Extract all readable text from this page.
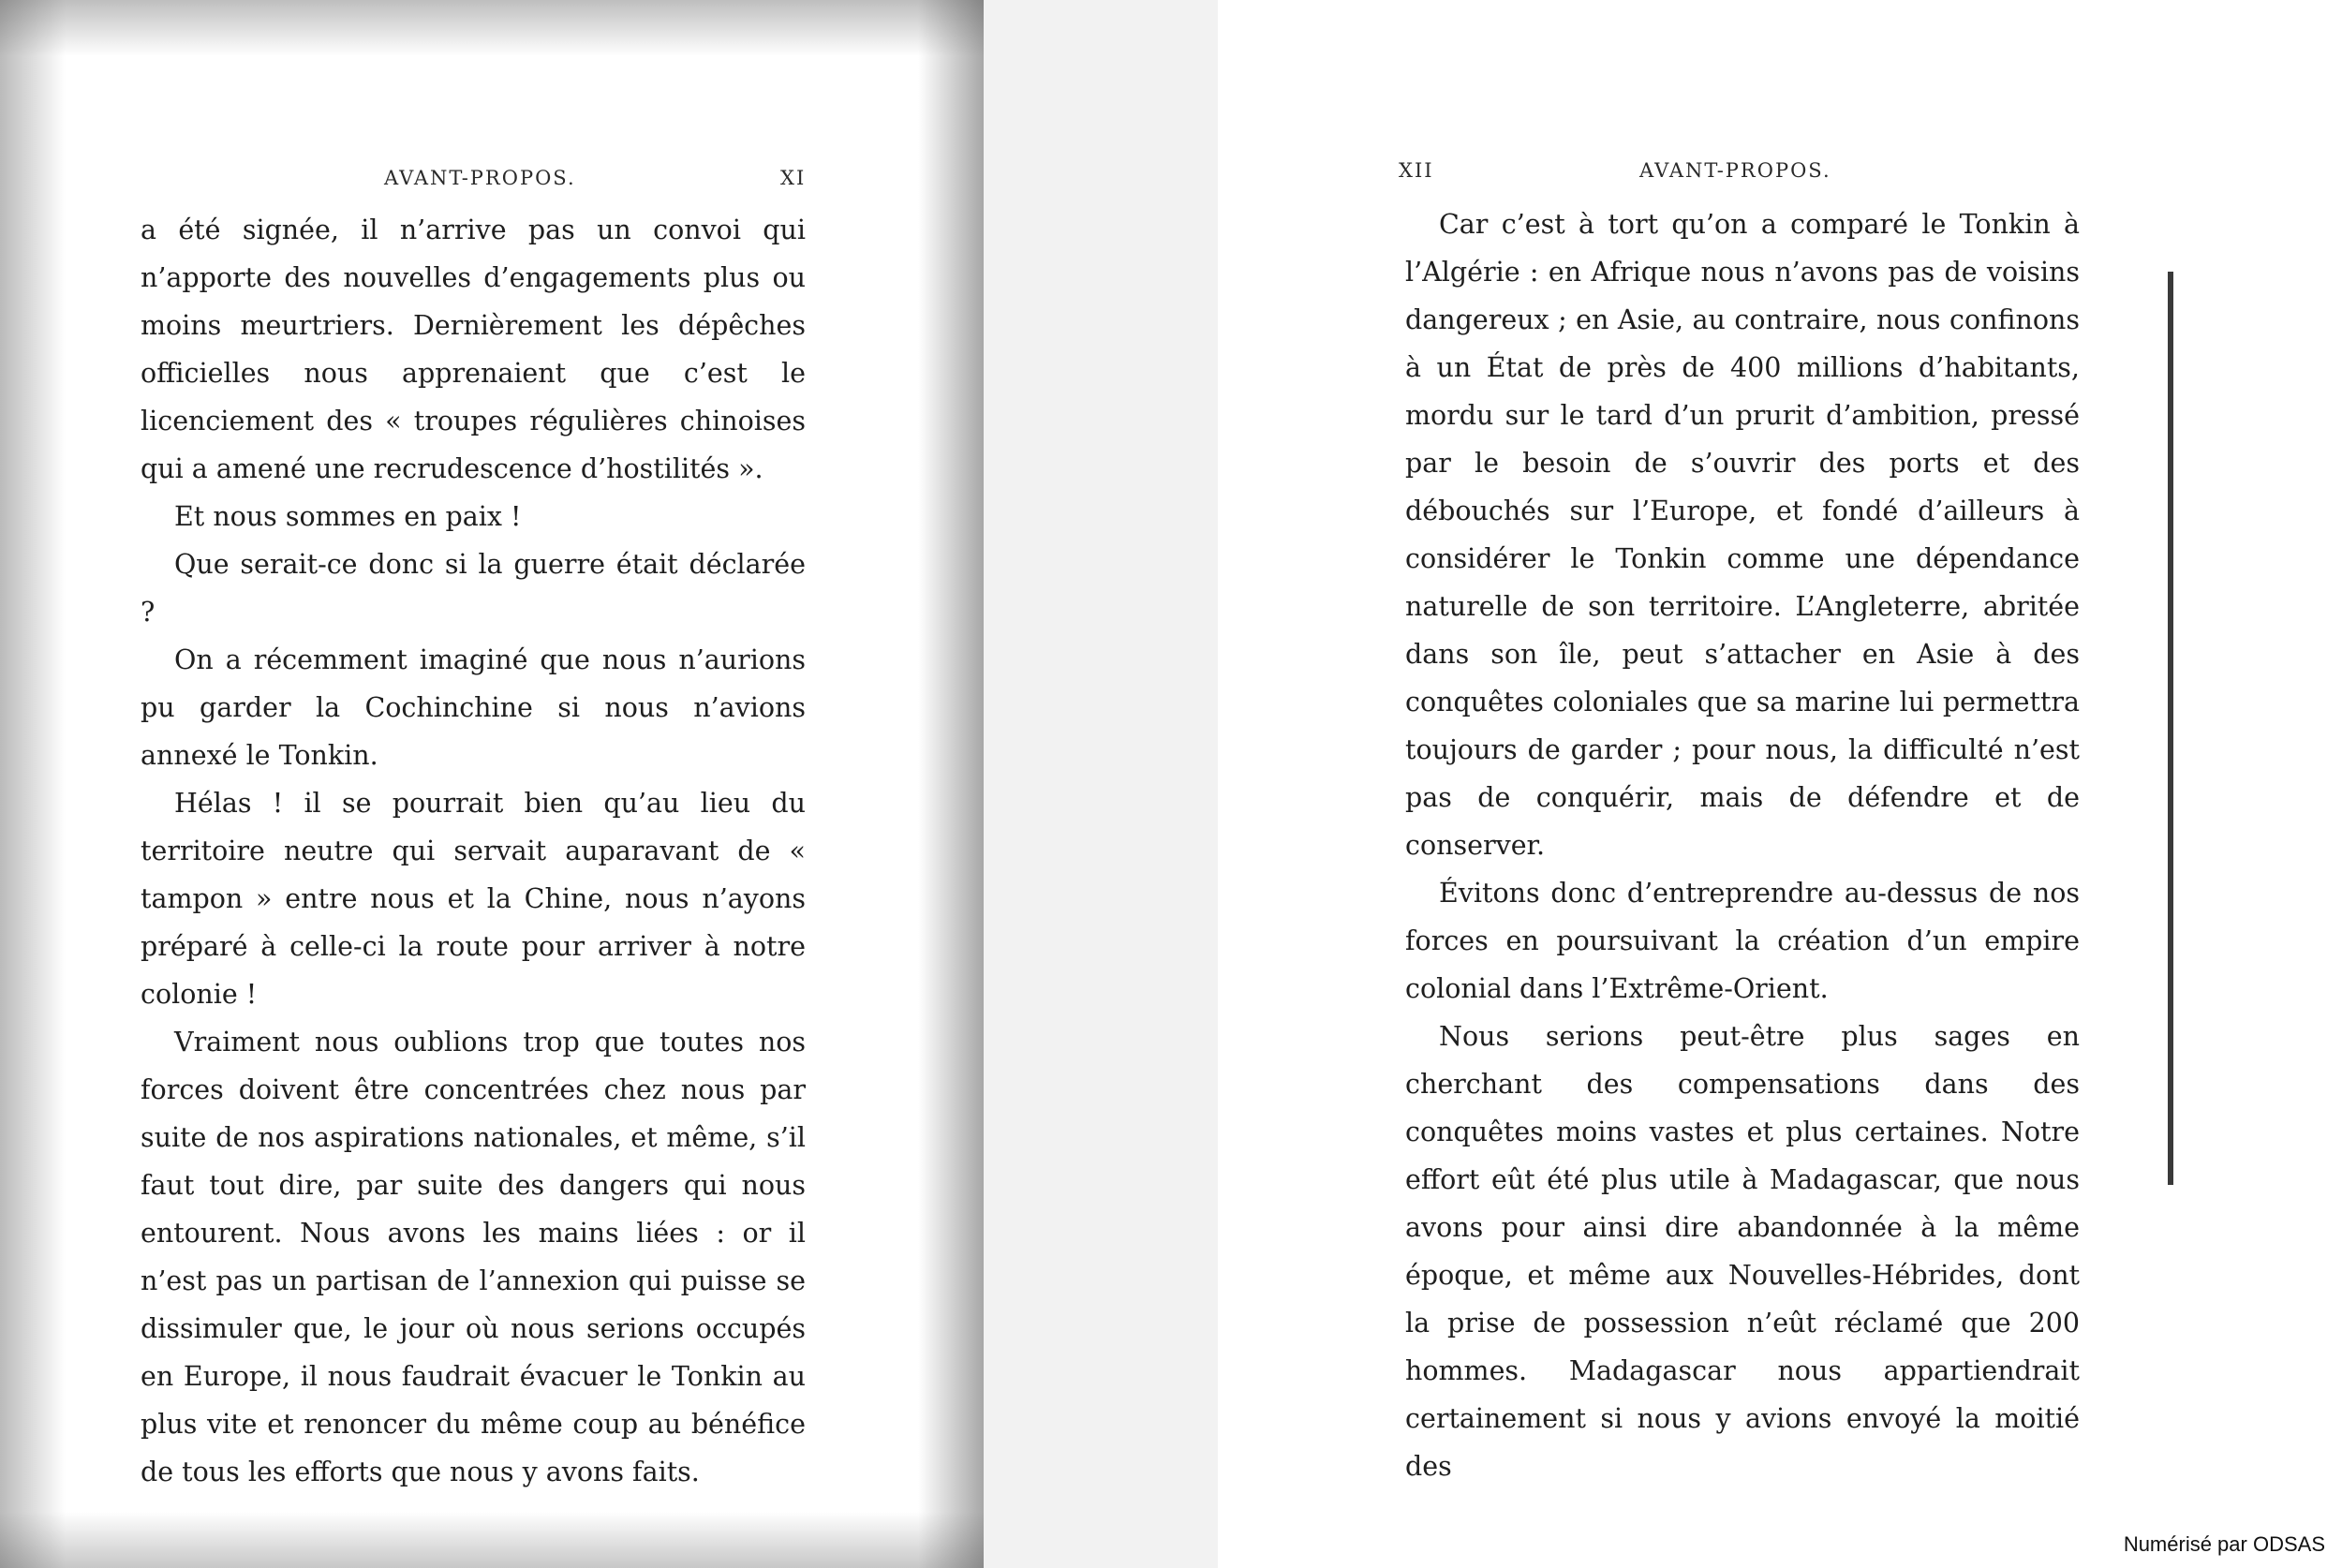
AVANT-PROPOS.	XI

a été signée, il n’arrive pas un convoi qui n’apporte des nouvelles d’engagements plus ou moins meurtriers. Dernièrement les dépêches officielles nous apprenaient que c’est le licenciement des « troupes régulières chinoises qui a amené une recrudescence d’hostilités ».

Et nous sommes en paix !

Que serait-ce donc si la guerre était déclarée ?

On a récemment imaginé que nous n’aurions pu garder la Cochinchine si nous n’avions annexé le Tonkin.

Hélas ! il se pourrait bien qu’au lieu du territoire neutre qui servait auparavant de « tampon » entre nous et la Chine, nous n’ayons préparé à celle-ci la route pour arriver à notre colonie !

Vraiment nous oublions trop que toutes nos forces doivent être concentrées chez nous par suite de nos aspirations nationales, et même, s’il faut tout dire, par suite des dangers qui nous entourent. Nous avons les mains liées : or il n’est pas un partisan de l’annexion qui puisse se dissimuler que, le jour où nous serions occupés en Europe, il nous faudrait évacuer le Tonkin au plus vite et renoncer du même coup au bénéfice de tous les efforts que nous y avons faits.

XII	AVANT-PROPOS.

Car c’est à tort qu’on a comparé le Tonkin à l’Algérie : en Afrique nous n’avons pas de voisins dangereux ; en Asie, au contraire, nous confinons à un État de près de 400 millions d’habitants, mordu sur le tard d’un prurit d’ambition, pressé par le besoin de s’ouvrir des ports et des débouchés sur l’Europe, et fondé d’ailleurs à considérer le Tonkin comme une dépendance naturelle de son territoire. L’Angleterre, abritée dans son île, peut s’attacher en Asie à des conquêtes coloniales que sa marine lui permettra toujours de garder ; pour nous, la difficulté n’est pas de conquérir, mais de défendre et de conserver.

Évitons donc d’entreprendre au-dessus de nos forces en poursuivant la création d’un empire colonial dans l’Extrême-Orient.

Nous serions peut-être plus sages en cherchant des compensations dans des conquêtes moins vastes et plus certaines. Notre effort eût été plus utile à Madagascar, que nous avons pour ainsi dire abandonnée à la même époque, et même aux Nouvelles-Hébrides, dont la prise de possession n’eût réclamé que 200 hommes. Madagascar nous appartiendrait certainement si nous y avions envoyé la moitié des

Numérisé par ODSAS
